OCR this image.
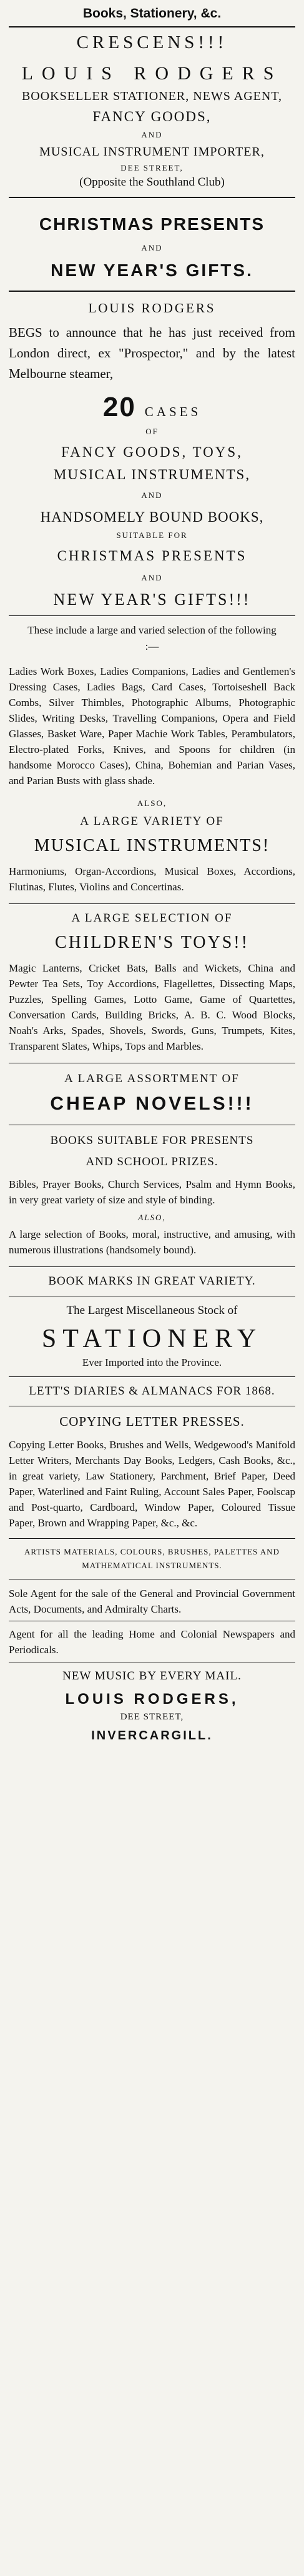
Books, Stationery, &c.
CRESCENS!!!
LOUIS RODGERS
BOOKSELLER STATIONER, NEWS AGENT,
FANCY GOODS,
AND
MUSICAL INSTRUMENT IMPORTER,
DEE STREET,
(Opposite the Southland Club)
CHRISTMAS PRESENTS
AND
NEW YEAR'S GIFTS.
LOUIS RODGERS

BEGS to announce that he has just received from London direct, ex "Prospector," and by the latest Melbourne steamer,

20 CASES
OF
FANCY GOODS, TOYS,
MUSICAL INSTRUMENTS,
AND
HANDSOMELY BOUND BOOKS,
SUITABLE FOR
CHRISTMAS PRESENTS
AND
NEW YEAR'S GIFTS!!!
These include a large and varied selection of the following :—

Ladies Work Boxes, Ladies Companions, Ladies and Gentlemen's Dressing Cases, Ladies Bags, Card Cases, Tortoiseshell Back Combs, Silver Thimbles, Photographic Albums, Photographic Slides, Writing Desks, Travelling Companions, Opera and Field Glasses, Basket Ware, Paper Machie Work Tables, Perambulators, Electro-plated Forks, Knives, and Spoons for children (in handsome Morocco Cases), China, Bohemian and Parian Vases, and Parian Busts with glass shade.

ALSO,
A LARGE VARIETY OF
MUSICAL INSTRUMENTS!

Harmoniums, Organ-Accordions, Musical Boxes, Accordions, Flutinas, Flutes, Violins and Concertinas.

A LARGE SELECTION OF
CHILDREN'S TOYS!!

Magic Lanterns, Cricket Bats, Balls and Wickets, China and Pewter Tea Sets, Toy Accordions, Flagellettes, Dissecting Maps, Puzzles, Spelling Games, Lotto Game, Game of Quartettes, Conversation Cards, Building Bricks, A. B. C. Wood Blocks, Noah's Arks, Spades, Shovels, Swords, Guns, Trumpets, Kites, Transparent Slates, Whips, Tops and Marbles.

A LARGE ASSORTMENT OF
CHEAP NOVELS!!!
BOOKS SUITABLE FOR PRESENTS
AND SCHOOL PRIZES.

Bibles, Prayer Books, Church Services, Psalm and Hymn Books, in very great variety of size and style of binding.

ALSO,

A large selection of Books, moral, instructive, and amusing, with numerous illustrations (handsomely bound).

BOOK MARKS IN GREAT VARIETY.
The Largest Miscellaneous Stock of
STATIONERY
Ever Imported into the Province.
LETT'S DIARIES & ALMANACS FOR 1868.
COPYING LETTER PRESSES.

Copying Letter Books, Brushes and Wells, Wedgewood's Manifold Letter Writers, Merchants Day Books, Ledgers, Cash Books, &c., in great variety, Law Stationery, Parchment, Brief Paper, Deed Paper, Waterlined and Faint Ruling, Account Sales Paper, Foolscap and Post-quarto, Cardboard, Window Paper, Coloured Tissue Paper, Brown and Wrapping Paper, &c., &c.

ARTISTS MATERIALS, COLOURS, BRUSHES, PALETTES AND MATHEMATICAL INSTRUMENTS.

Sole Agent for the sale of the General and Provincial Government Acts, Documents, and Admiralty Charts.

Agent for all the leading Home and Colonial Newspapers and Periodicals.

NEW MUSIC BY EVERY MAIL.
LOUIS RODGERS,
DEE STREET,
INVERCARGILL.
